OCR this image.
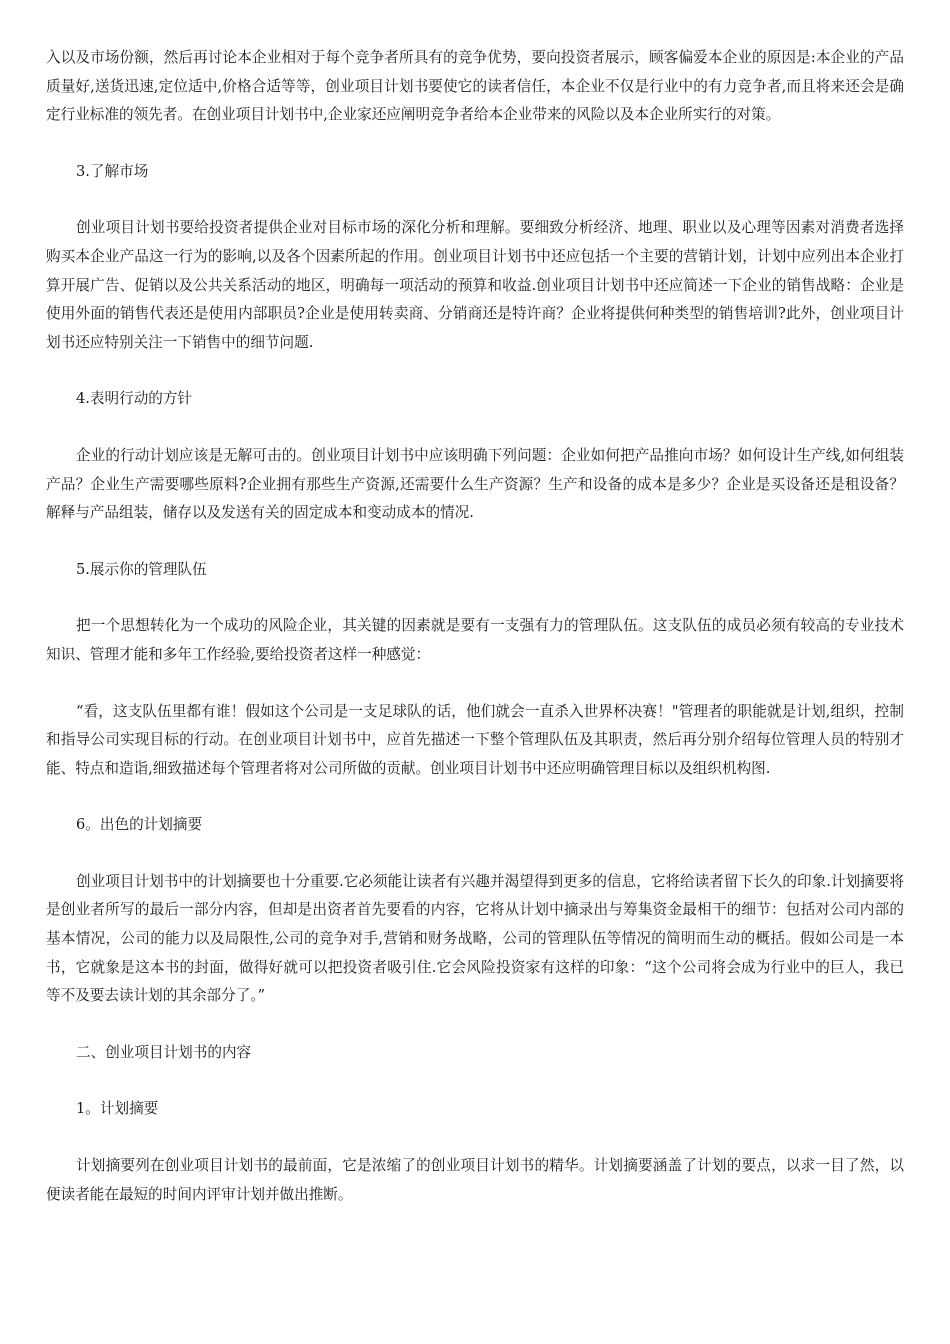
入以及市场份额，然后再讨论本企业相对于每个竞争者所具有的竞争优势，要向投资者展示，顾客偏爱本企业的原因是:本企业的产品质量好,送货迅速,定位适中,价格合适等等，创业项目计划书要使它的读者信任，本企业不仅是行业中的有力竞争者,而且将来还会是确定行业标准的领先者。在创业项目计划书中,企业家还应阐明竞争者给本企业带来的风险以及本企业所实行的对策。

3.了解市场

创业项目计划书要给投资者提供企业对目标市场的深化分析和理解。要细致分析经济、地理、职业以及心理等因素对消费者选择购买本企业产品这一行为的影响,以及各个因素所起的作用。创业项目计划书中还应包括一个主要的营销计划，计划中应列出本企业打算开展广告、促销以及公共关系活动的地区，明确每一项活动的预算和收益.创业项目计划书中还应简述一下企业的销售战略：企业是使用外面的销售代表还是使用内部职员?企业是使用转卖商、分销商还是特许商？企业将提供何种类型的销售培训?此外，创业项目计划书还应特别关注一下销售中的细节问题.

4.表明行动的方针

企业的行动计划应该是无解可击的。创业项目计划书中应该明确下列问题：企业如何把产品推向市场？如何设计生产线,如何组装产品？企业生产需要哪些原料?企业拥有那些生产资源,还需要什么生产资源？生产和设备的成本是多少？企业是买设备还是租设备？解释与产品组装，储存以及发送有关的固定成本和变动成本的情况.

5.展示你的管理队伍

把一个思想转化为一个成功的风险企业，其关键的因素就是要有一支强有力的管理队伍。这支队伍的成员必须有较高的专业技术知识、管理才能和多年工作经验,要给投资者这样一种感觉：

“看，这支队伍里都有谁！假如这个公司是一支足球队的话，他们就会一直杀入世界杯决赛！"管理者的职能就是计划,组织，控制和指导公司实现目标的行动。在创业项目计划书中，应首先描述一下整个管理队伍及其职责，然后再分别介绍每位管理人员的特别才能、特点和造诣,细致描述每个管理者将对公司所做的贡献。创业项目计划书中还应明确管理目标以及组织机构图.

6。出色的计划摘要

创业项目计划书中的计划摘要也十分重要.它必须能让读者有兴趣并渴望得到更多的信息，它将给读者留下长久的印象.计划摘要将是创业者所写的最后一部分内容，但却是出资者首先要看的内容，它将从计划中摘录出与筹集资金最相干的细节：包括对公司内部的基本情况，公司的能力以及局限性,公司的竞争对手,营销和财务战略，公司的管理队伍等情况的简明而生动的概括。假如公司是一本书，它就象是这本书的封面，做得好就可以把投资者吸引住.它会风险投资家有这样的印象：“这个公司将会成为行业中的巨人，我已等不及要去读计划的其余部分了。”

二、创业项目计划书的内容

1。计划摘要

计划摘要列在创业项目计划书的最前面，它是浓缩了的创业项目计划书的精华。计划摘要涵盖了计划的要点，以求一目了然，以便读者能在最短的时间内评审计划并做出推断。
